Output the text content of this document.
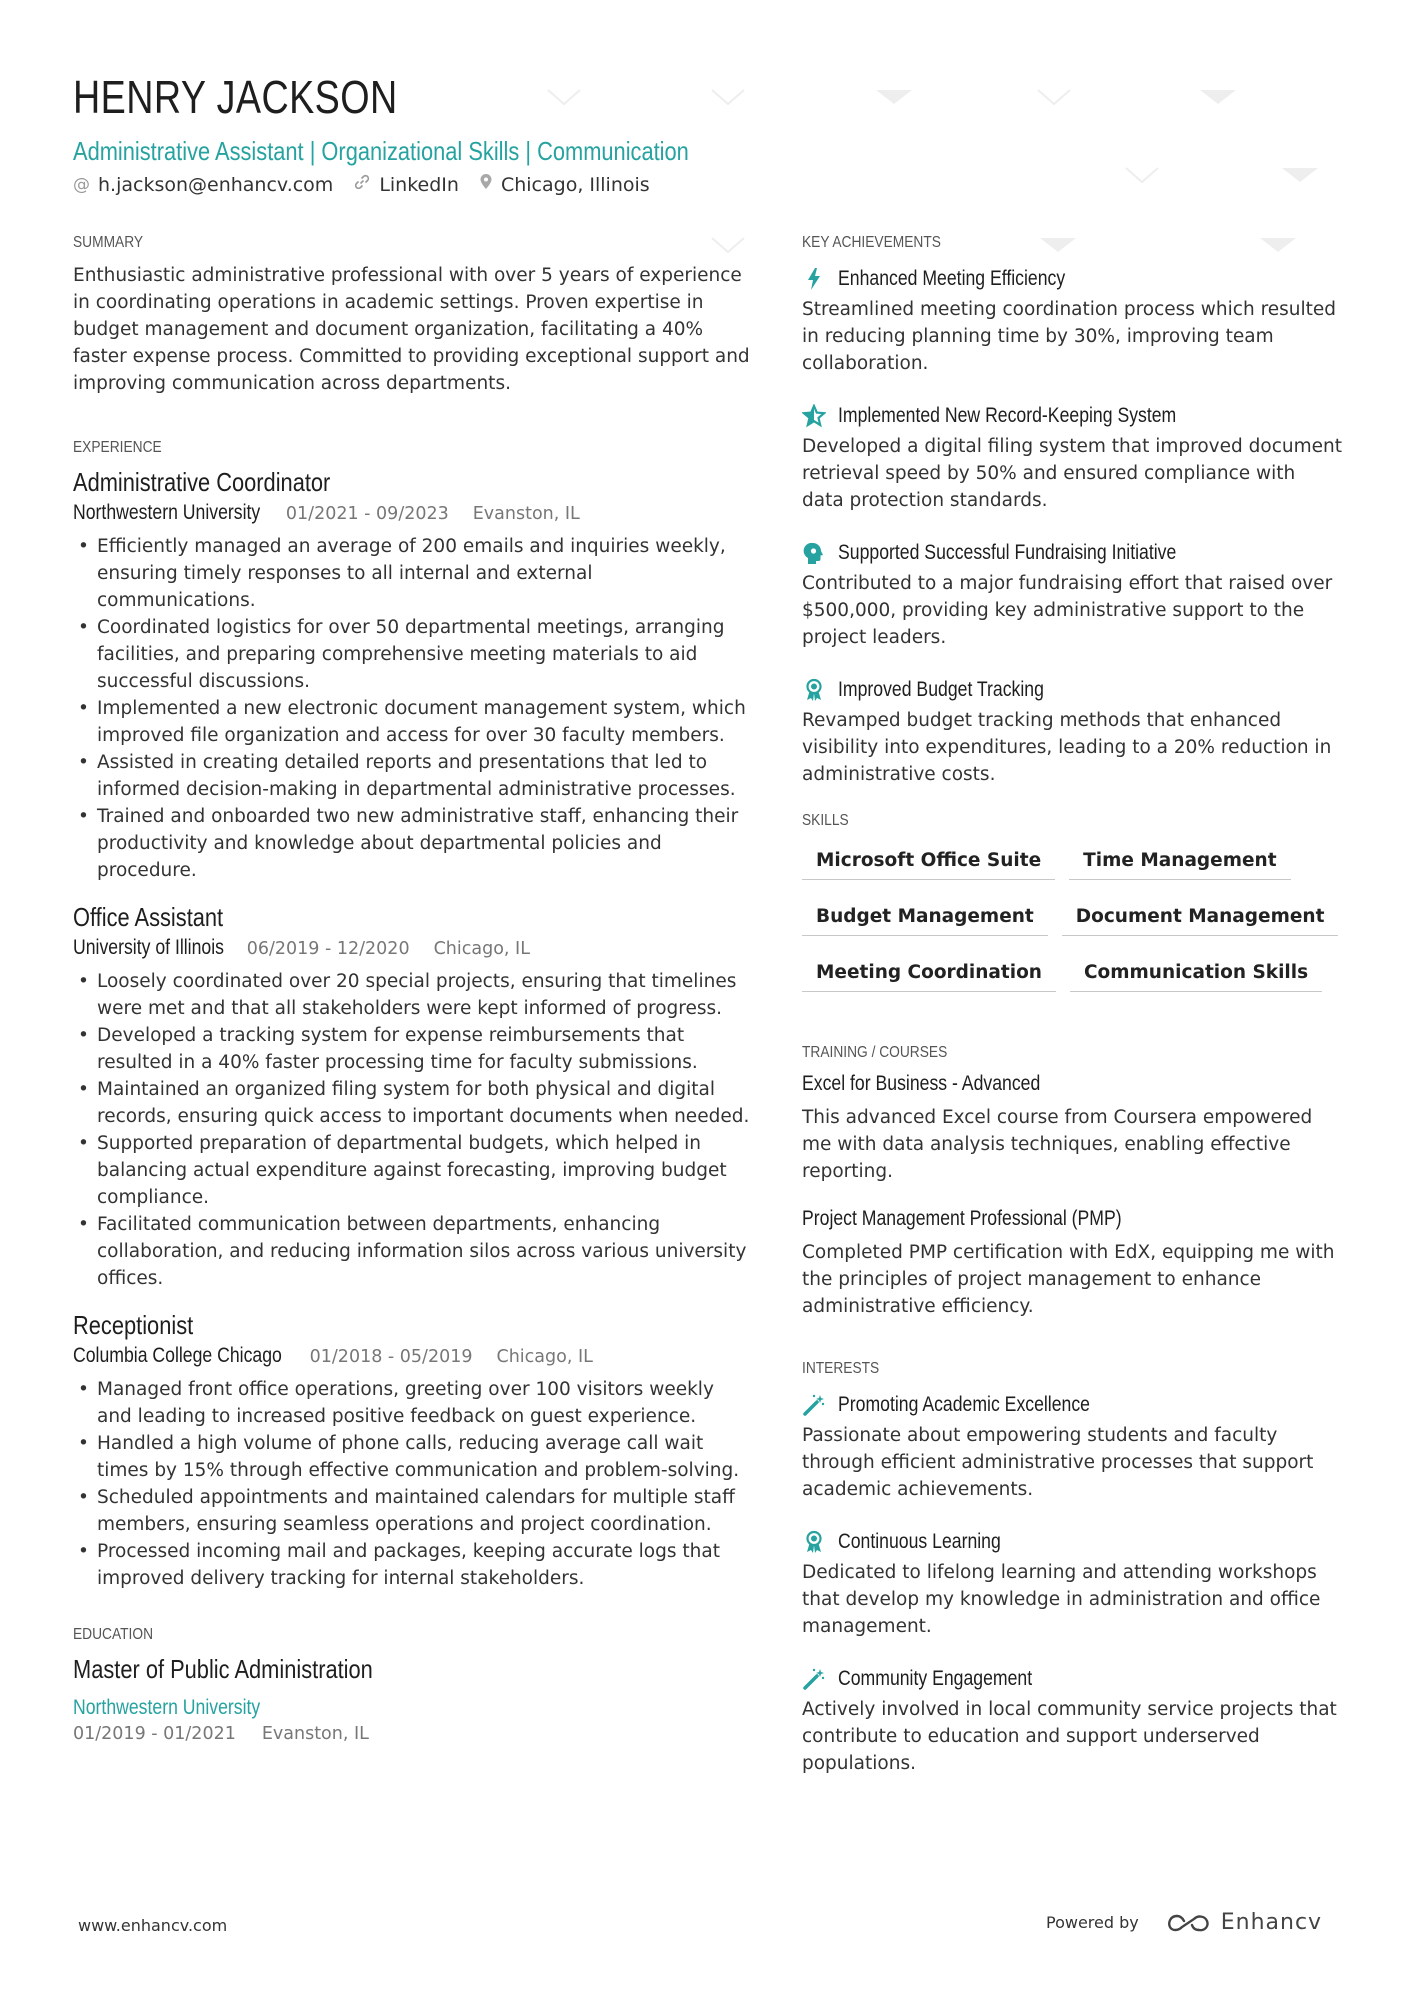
HENRY JACKSON
Administrative Assistant | Organizational Skills | Communication
@ h.jackson@enhancv.com LinkedIn Chicago, Illinois
SUMMARY

Enthusiastic administrative professional with over 5 years of experience in coordinating operations in academic settings. Proven expertise in budget management and document organization, facilitating a 40% faster expense process. Committed to providing exceptional support and improving communication across departments.

EXPERIENCE
Administrative Coordinator
Northwestern University 01/2021 - 09/2023 Evanston, IL
• Efficiently managed an average of 200 emails and inquiries weekly, ensuring timely responses to all internal and external communications.
• Coordinated logistics for over 50 departmental meetings, arranging facilities, and preparing comprehensive meeting materials to aid successful discussions.
• Implemented a new electronic document management system, which improved file organization and access for over 30 faculty members.
• Assisted in creating detailed reports and presentations that led to informed decision-making in departmental administrative processes.
• Trained and onboarded two new administrative staff, enhancing their productivity and knowledge about departmental policies and procedure.
Office Assistant
University of Illinois 06/2019 - 12/2020 Chicago, IL
• Loosely coordinated over 20 special projects, ensuring that timelines were met and that all stakeholders were kept informed of progress.
• Developed a tracking system for expense reimbursements that resulted in a 40% faster processing time for faculty submissions.
• Maintained an organized filing system for both physical and digital records, ensuring quick access to important documents when needed.
• Supported preparation of departmental budgets, which helped in balancing actual expenditure against forecasting, improving budget compliance.
• Facilitated communication between departments, enhancing collaboration, and reducing information silos across various university offices.
Receptionist
Columbia College Chicago 01/2018 - 05/2019 Chicago, IL
• Managed front office operations, greeting over 100 visitors weekly and leading to increased positive feedback on guest experience.
• Handled a high volume of phone calls, reducing average call wait times by 15% through effective communication and problem-solving.
• Scheduled appointments and maintained calendars for multiple staff members, ensuring seamless operations and project coordination.
• Processed incoming mail and packages, keeping accurate logs that improved delivery tracking for internal stakeholders.
EDUCATION
Master of Public Administration
Northwestern University
01/2019 - 01/2021 Evanston, IL
KEY ACHIEVEMENTS
Enhanced Meeting Efficiency

Streamlined meeting coordination process which resulted in reducing planning time by 30%, improving team collaboration.

Implemented New Record-Keeping System

Developed a digital filing system that improved document retrieval speed by 50% and ensured compliance with data protection standards.

Supported Successful Fundraising Initiative

Contributed to a major fundraising effort that raised over $500,000, providing key administrative support to the project leaders.

Improved Budget Tracking

Revamped budget tracking methods that enhanced visibility into expenditures, leading to a 20% reduction in administrative costs.

SKILLS
Microsoft Office Suite	Time Management
Budget Management	Document Management
Meeting Coordination	Communication Skills
TRAINING / COURSES
Excel for Business - Advanced

This advanced Excel course from Coursera empowered me with data analysis techniques, enabling effective reporting.

Project Management Professional (PMP)

Completed PMP certification with EdX, equipping me with the principles of project management to enhance administrative efficiency.

INTERESTS
Promoting Academic Excellence

Passionate about empowering students and faculty through efficient administrative processes that support academic achievements.

Continuous Learning

Dedicated to lifelong learning and attending workshops that develop my knowledge in administration and office management.

Community Engagement

Actively involved in local community service projects that contribute to education and support underserved populations.

www.enhancv.com	Powered by	Enhancv
